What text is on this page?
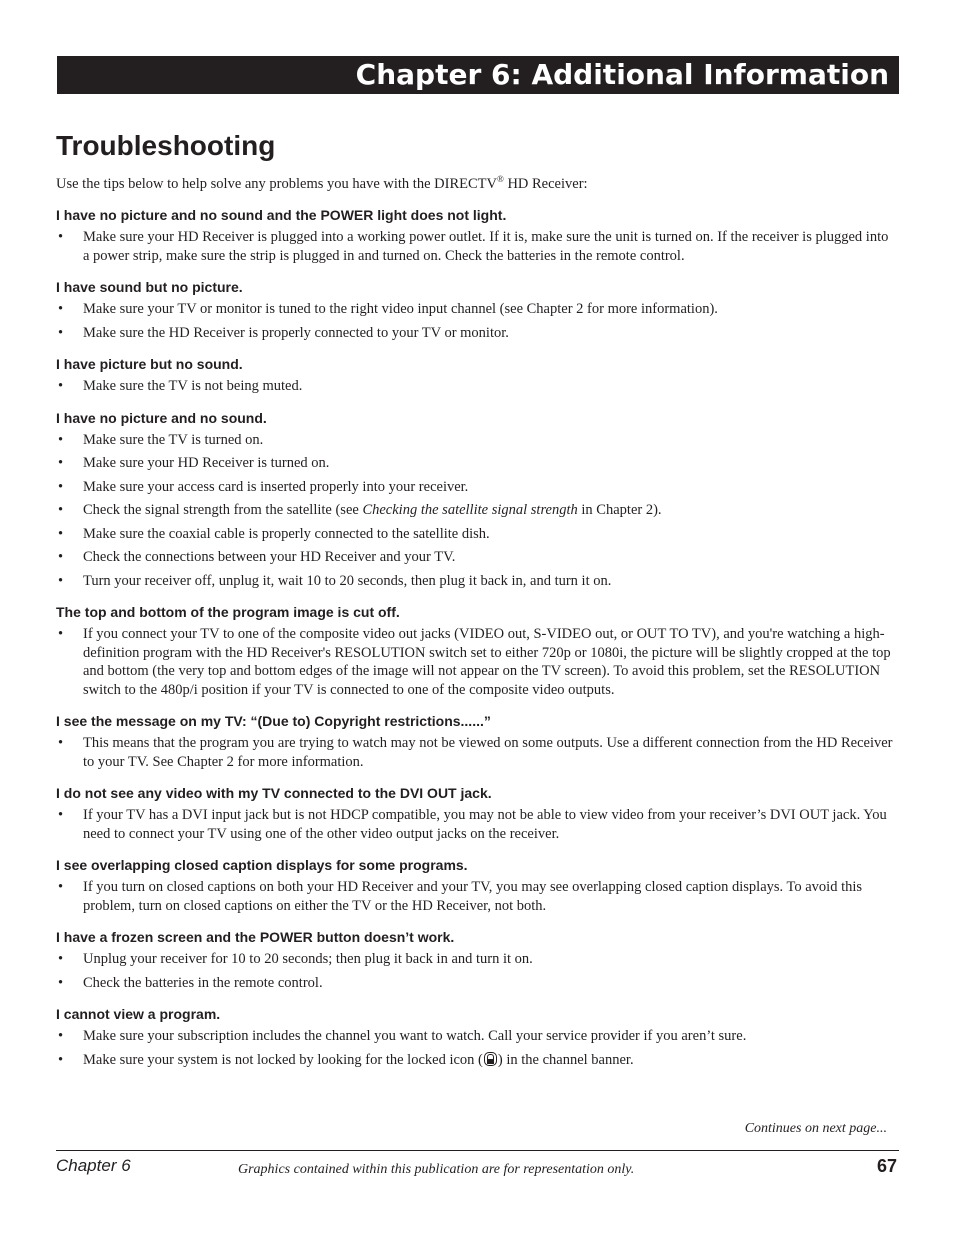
Chapter 6: Additional Information
Troubleshooting

Use the tips below to help solve any problems you have with the DIRECTV® HD Receiver:

I have no picture and no sound and the POWER light does not light.
• Make sure your HD Receiver is plugged into a working power outlet. If it is, make sure the unit is turned on. If the receiver is plugged into a power strip, make sure the strip is plugged in and turned on. Check the batteries in the remote control.
I have sound but no picture.
• Make sure your TV or monitor is tuned to the right video input channel (see Chapter 2 for more information).
• Make sure the HD Receiver is properly connected to your TV or monitor.
I have picture but no sound.
• Make sure the TV is not being muted.
I have no picture and no sound.
• Make sure the TV is turned on.
• Make sure your HD Receiver is turned on.
• Make sure your access card is inserted properly into your receiver.
• Check the signal strength from the satellite (see Checking the satellite signal strength in Chapter 2).
• Make sure the coaxial cable is properly connected to the satellite dish.
• Check the connections between your HD Receiver and your TV.
• Turn your receiver off, unplug it, wait 10 to 20 seconds, then plug it back in, and turn it on.
The top and bottom of the program image is cut off.
• If you connect your TV to one of the composite video out jacks (VIDEO out, S-VIDEO out, or OUT TO TV), and you're watching a high-definition program with the HD Receiver's RESOLUTION switch set to either 720p or 1080i, the picture will be slightly cropped at the top and bottom (the very top and bottom edges of the image will not appear on the TV screen). To avoid this problem, set the RESOLUTION switch to the 480p/i position if your TV is connected to one of the composite video outputs.
I see the message on my TV: “(Due to) Copyright restrictions......”
• This means that the program you are trying to watch may not be viewed on some outputs. Use a different connection from the HD Receiver to your TV. See Chapter 2 for more information.
I do not see any video with my TV connected to the DVI OUT jack.
• If your TV has a DVI input jack but is not HDCP compatible, you may not be able to view video from your receiver’s DVI OUT jack. You need to connect your TV using one of the other video output jacks on the receiver.
I see overlapping closed caption displays for some programs.
• If you turn on closed captions on both your HD Receiver and your TV, you may see overlapping closed caption displays. To avoid this problem, turn on closed captions on either the TV or the HD Receiver, not both.
I have a frozen screen and the POWER button doesn’t work.
• Unplug your receiver for 10 to 20 seconds; then plug it back in and turn it on.
• Check the batteries in the remote control.
I cannot view a program.
• Make sure your subscription includes the channel you want to watch. Call your service provider if you aren’t sure.
• Make sure your system is not locked by looking for the locked icon ( ) in the channel banner.
Continues on next page...
Chapter 6	Graphics contained within this publication are for representation only.	67
